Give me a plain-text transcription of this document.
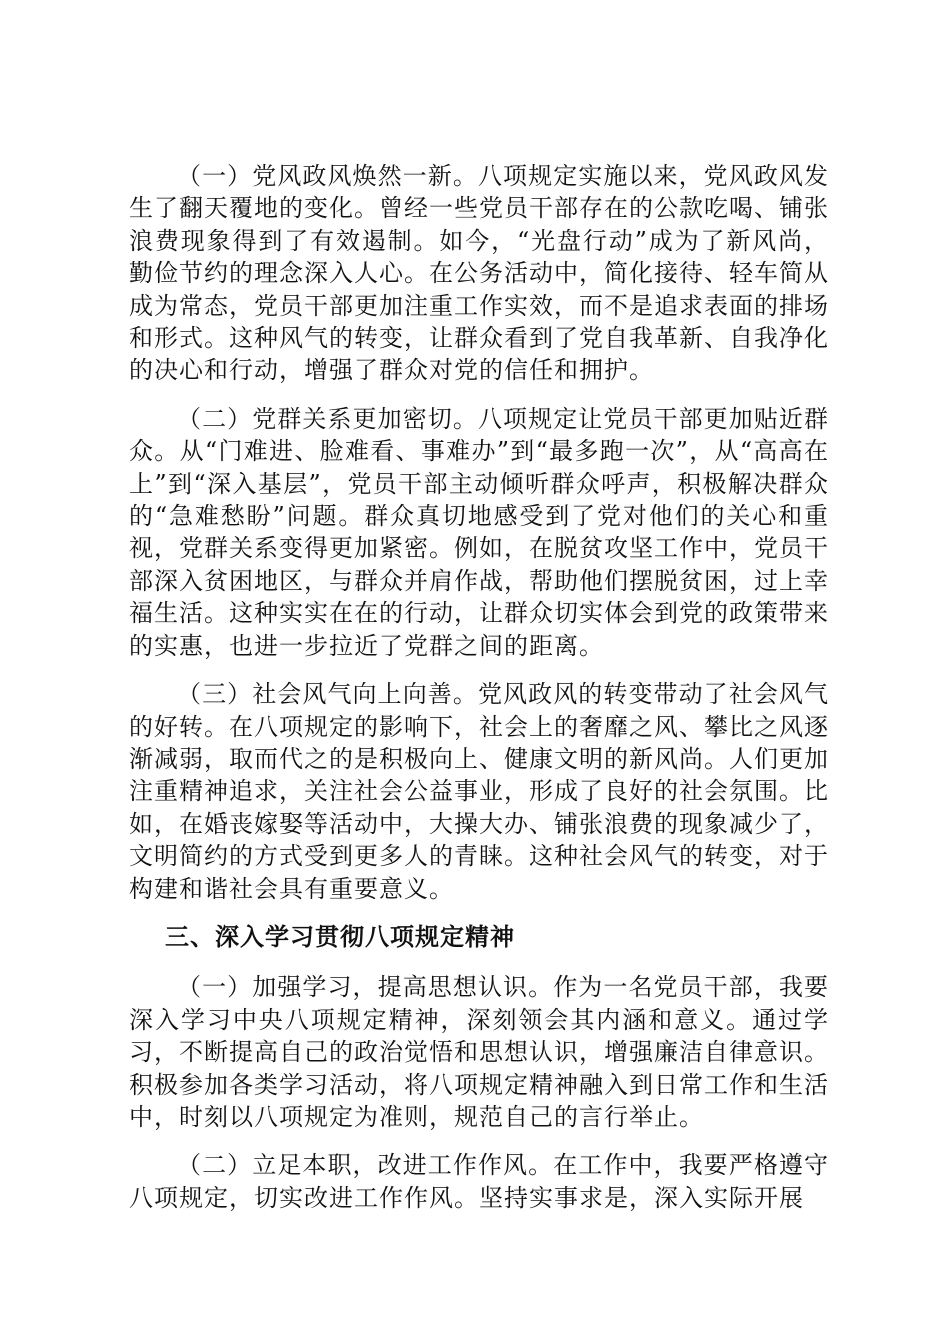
（一）党风政风焕然一新。八项规定实施以来，党风政风发生了翻天覆地的变化。曾经一些党员干部存在的公款吃喝、铺张浪费现象得到了有效遏制。如今，“光盘行动”成为了新风尚，勤俭节约的理念深入人心。在公务活动中，简化接待、轻车简从成为常态，党员干部更加注重工作实效，而不是追求表面的排场和形式。这种风气的转变，让群众看到了党自我革新、自我净化的决心和行动，增强了群众对党的信任和拥护。

（二）党群关系更加密切。八项规定让党员干部更加贴近群众。从“门难进、脸难看、事难办”到“最多跑一次”，从“高高在上”到“深入基层”，党员干部主动倾听群众呼声，积极解决群众的“急难愁盼”问题。群众真切地感受到了党对他们的关心和重视，党群关系变得更加紧密。例如，在脱贫攻坚工作中，党员干部深入贫困地区，与群众并肩作战，帮助他们摆脱贫困，过上幸福生活。这种实实在在的行动，让群众切实体会到党的政策带来的实惠，也进一步拉近了党群之间的距离。

（三）社会风气向上向善。党风政风的转变带动了社会风气的好转。在八项规定的影响下，社会上的奢靡之风、攀比之风逐渐减弱，取而代之的是积极向上、健康文明的新风尚。人们更加注重精神追求，关注社会公益事业，形成了良好的社会氛围。比如，在婚丧嫁娶等活动中，大操大办、铺张浪费的现象减少了，文明简约的方式受到更多人的青睐。这种社会风气的转变，对于构建和谐社会具有重要意义。

三、深入学习贯彻八项规定精神

（一）加强学习，提高思想认识。作为一名党员干部，我要深入学习中央八项规定精神，深刻领会其内涵和意义。通过学习，不断提高自己的政治觉悟和思想认识，增强廉洁自律意识。积极参加各类学习活动，将八项规定精神融入到日常工作和生活中，时刻以八项规定为准则，规范自己的言行举止。

（二）立足本职，改进工作作风。在工作中，我要严格遵守八项规定，切实改进工作作风。坚持实事求是，深入实际开展
